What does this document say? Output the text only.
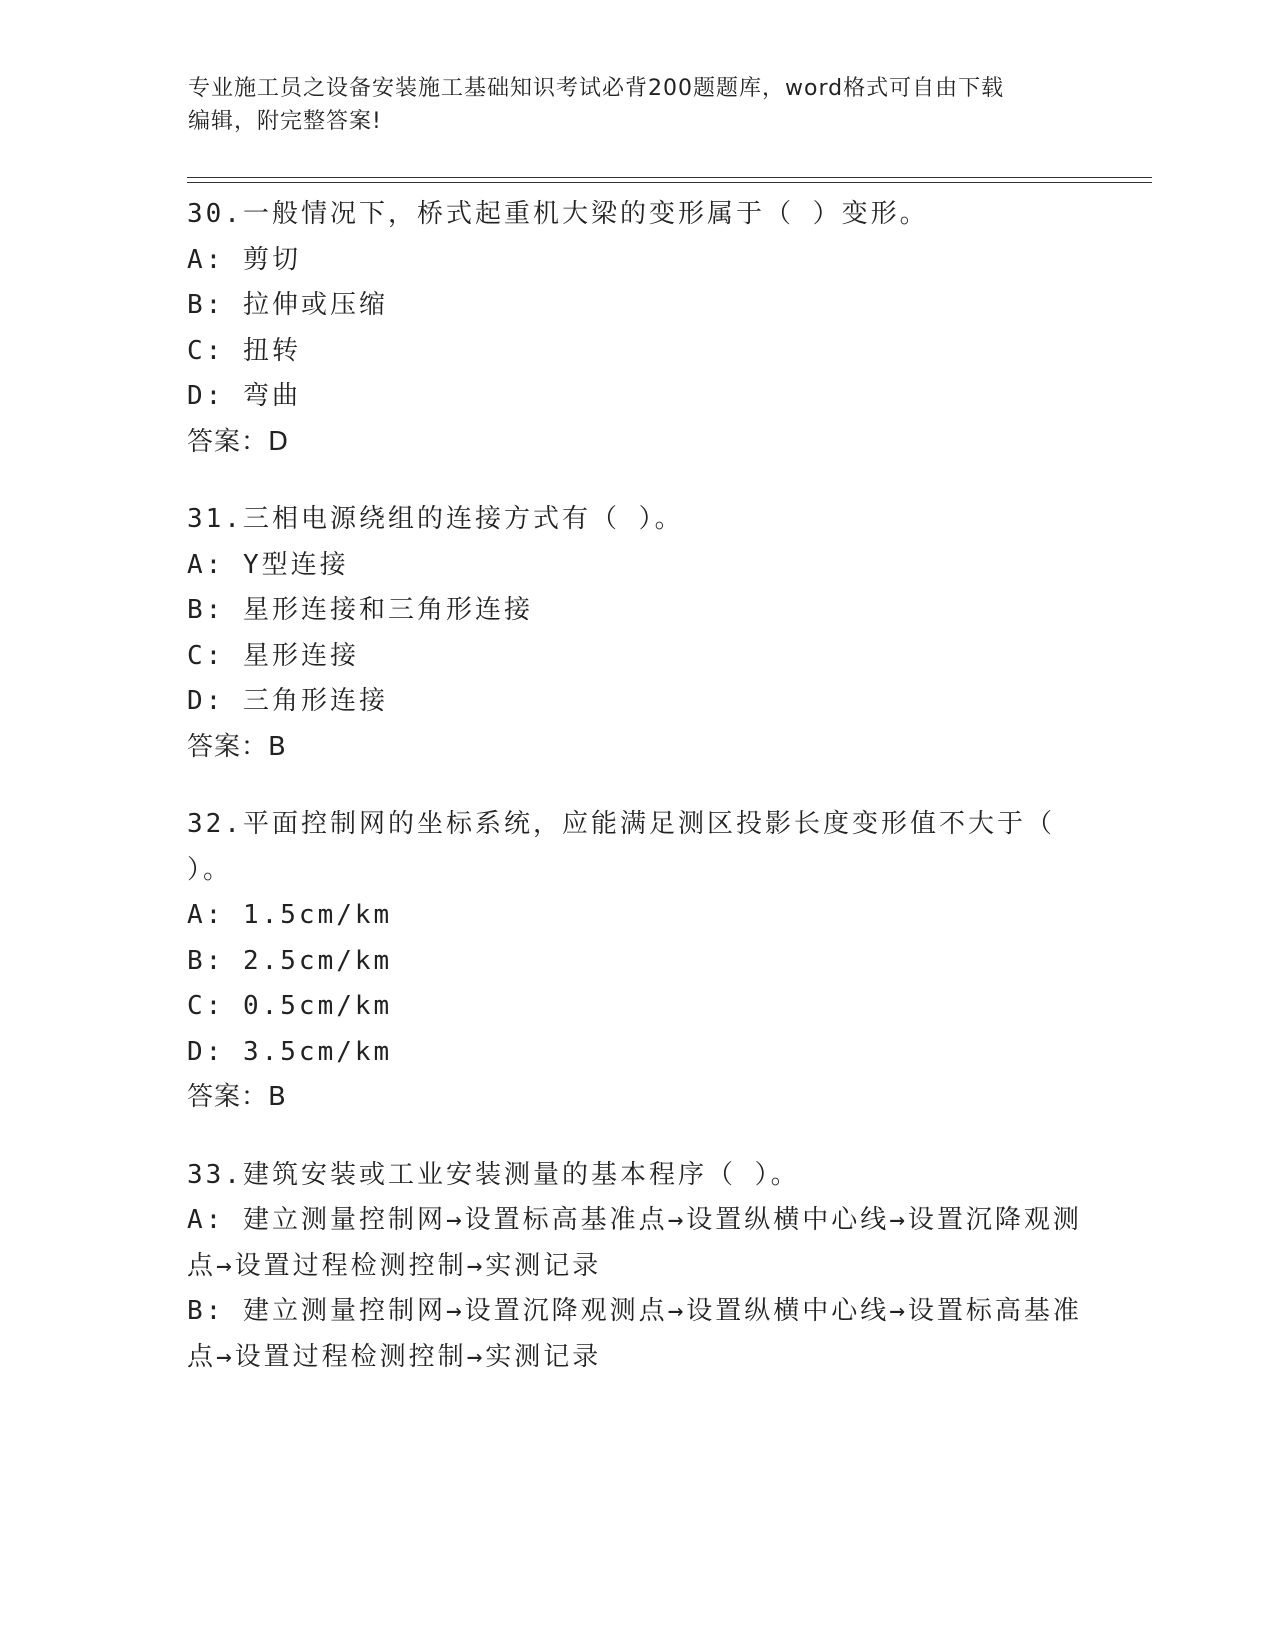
专业施工员之设备安装施工基础知识考试必背200题题库，word格式可自由下载
编辑，附完整答案!
30.一般情况下，桥式起重机大梁的变形属于（ ）变形。
A: 剪切
B: 拉伸或压缩
C: 扭转
D: 弯曲
答案：D
31.三相电源绕组的连接方式有（ ）。
A: Y型连接
B: 星形连接和三角形连接
C: 星形连接
D: 三角形连接
答案：B
32.平面控制网的坐标系统，应能满足测区投影长度变形值不大于（ ）。
A: 1.5cm/km
B: 2.5cm/km
C: 0.5cm/km
D: 3.5cm/km
答案：B
33.建筑安装或工业安装测量的基本程序（ ）。
A: 建立测量控制网→设置标高基准点→设置纵横中心线→设置沉降观测点→设置过程检测控制→实测记录
B: 建立测量控制网→设置沉降观测点→设置纵横中心线→设置标高基准点→设置过程检测控制→实测记录
